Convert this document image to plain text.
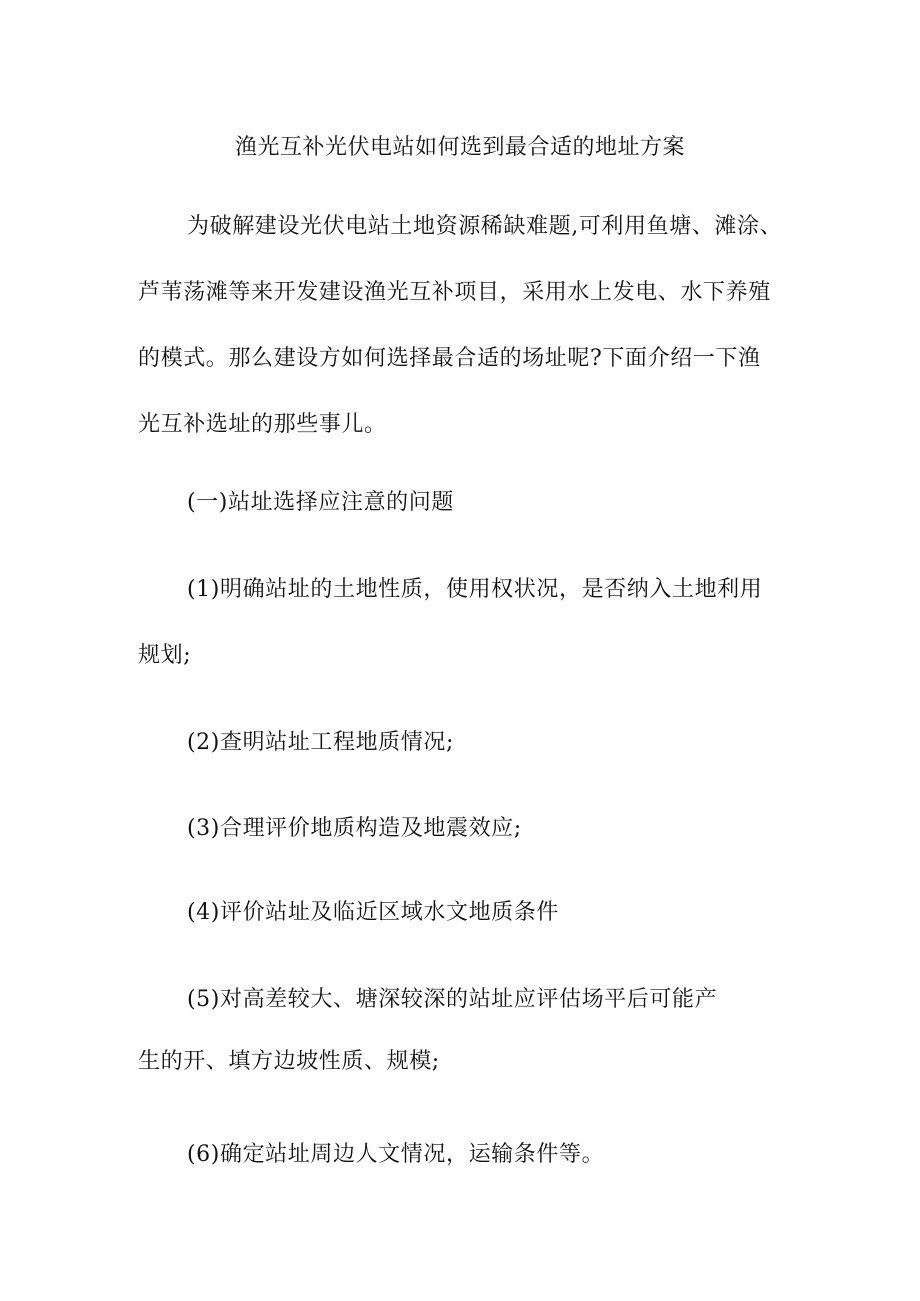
渔光互补光伏电站如何选到最合适的地址方案

为破解建设光伏电站土地资源稀缺难题,可利用鱼塘、滩涂、

芦苇荡滩等来开发建设渔光互补项目，采用水上发电、水下养殖

的模式。那么建设方如何选择最合适的场址呢?下面介绍一下渔

光互补选址的那些事儿。

(一)站址选择应注意的问题

(1)明确站址的土地性质，使用权状况，是否纳入土地利用

规划;

(2)查明站址工程地质情况;

(3)合理评价地质构造及地震效应;

(4)评价站址及临近区域水文地质条件

(5)对高差较大、塘深较深的站址应评估场平后可能产

生的开、填方边坡性质、规模;

(6)确定站址周边人文情况，运输条件等。
